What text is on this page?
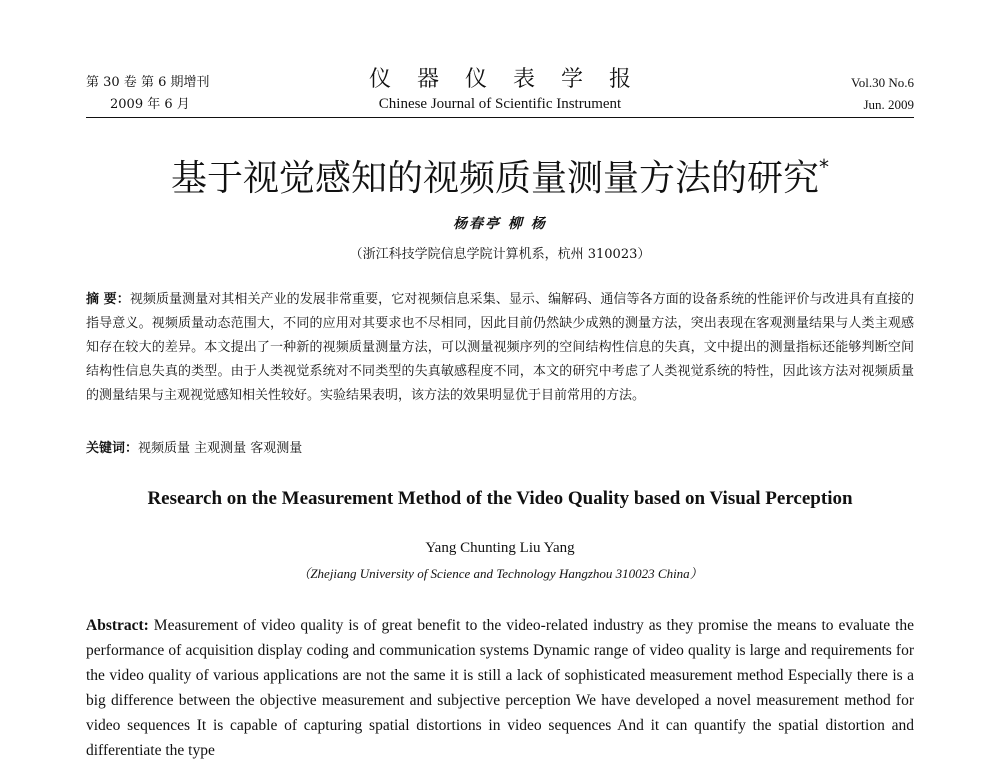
第 30 卷 第 6 期增刊
2009 年 6 月
仪器仪表学报
Chinese Journal of Scientific Instrument
Vol.30 No.6
Jun. 2009
基于视觉感知的视频质量测量方法的研究*
杨春亭 柳 杨
（浙江科技学院信息学院计算机系，杭州 310023）
摘 要：视频质量测量对其相关产业的发展非常重要，它对视频信息采集、显示、编解码、通信等各方面的设备系统的性能评价与改进具有直接的指导意义。视频质量动态范围大，不同的应用对其要求也不尽相同，因此目前仍然缺少成熟的测量方法，突出表现在客观测量结果与人类主观感知存在较大的差异。本文提出了一种新的视频质量测量方法，可以测量视频序列的空间结构性信息的失真，文中提出的测量指标还能够判断空间结构性信息失真的类型。由于人类视觉系统对不同类型的失真敏感程度不同，本文的研究中考虑了人类视觉系统的特性，因此该方法对视频质量的测量结果与主观视觉感知相关性较好。实验结果表明，该方法的效果明显优于目前常用的方法。
关键词：视频质量 主观测量 客观测量
Research on the Measurement Method of the Video Quality based on Visual Perception
Yang Chunting Liu Yang
（Zhejiang University of Science and Technology Hangzhou 310023 China）
Abstract: Measurement of video quality is of great benefit to the video-related industry as they promise the means to evaluate the performance of acquisition display coding and communication systems Dynamic range of video quality is large and requirements for the video quality of various applications are not the same it is still a lack of sophisticated measurement method Especially there is a big difference between the objective measurement and subjective perception We have developed a novel measurement method for video sequences It is capable of capturing spatial distortions in video sequences And it can quantify the spatial distortion and differentiate the type
